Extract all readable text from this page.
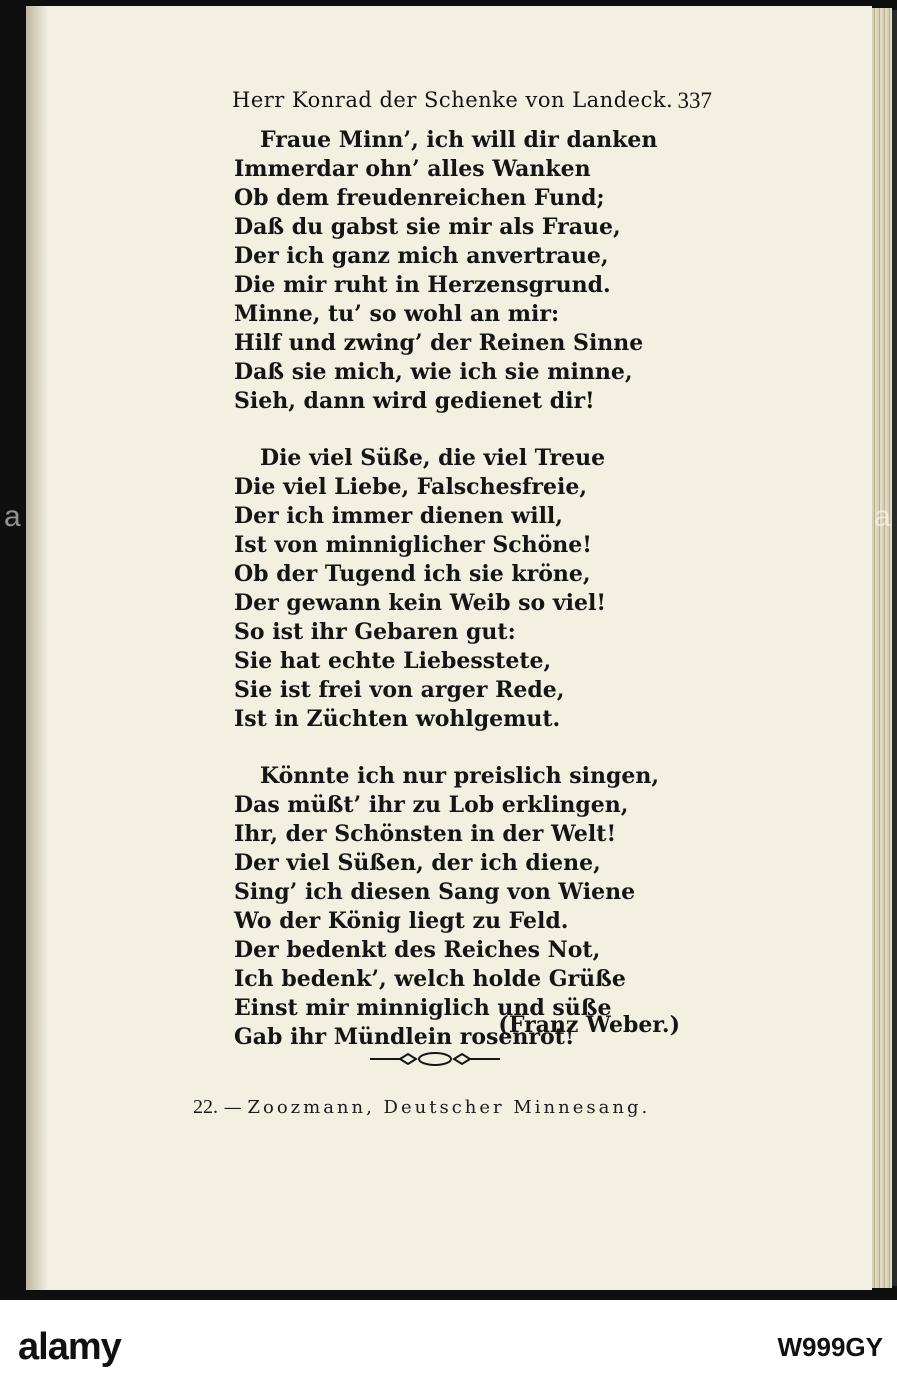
Herr Konrad der Schenke von Landeck. 337
Fraue Minn’, ich will dir danken
Immerdar ohn’ alles Wanken
Ob dem freudenreichen Fund;
Daß du gabst sie mir als Fraue,
Der ich ganz mich anvertraue,
Die mir ruht in Herzensgrund.
Minne, tu’ so wohl an mir:
Hilf und zwing’ der Reinen Sinne
Daß sie mich, wie ich sie minne,
Sieh, dann wird gedienet dir!
Die viel Süße, die viel Treue
Die viel Liebe, Falschesfreie,
Der ich immer dienen will,
Ist von minniglicher Schöne!
Ob der Tugend ich sie kröne,
Der gewann kein Weib so viel!
So ist ihr Gebaren gut:
Sie hat echte Liebesstete,
Sie ist frei von arger Rede,
Ist in Züchten wohlgemut.
Könnte ich nur preislich singen,
Das müßt’ ihr zu Lob erklingen,
Ihr, der Schönsten in der Welt!
Der viel Süßen, der ich diene,
Sing’ ich diesen Sang von Wiene
Wo der König liegt zu Feld.
Der bedenkt des Reiches Not,
Ich bedenk’, welch holde Grüße
Einst mir minniglich und süße
Gab ihr Mündlein rosenrot!
(Franz Weber.)
22. — Zoozmann, Deutscher Minnesang.
a	a
alamy	W999GY
